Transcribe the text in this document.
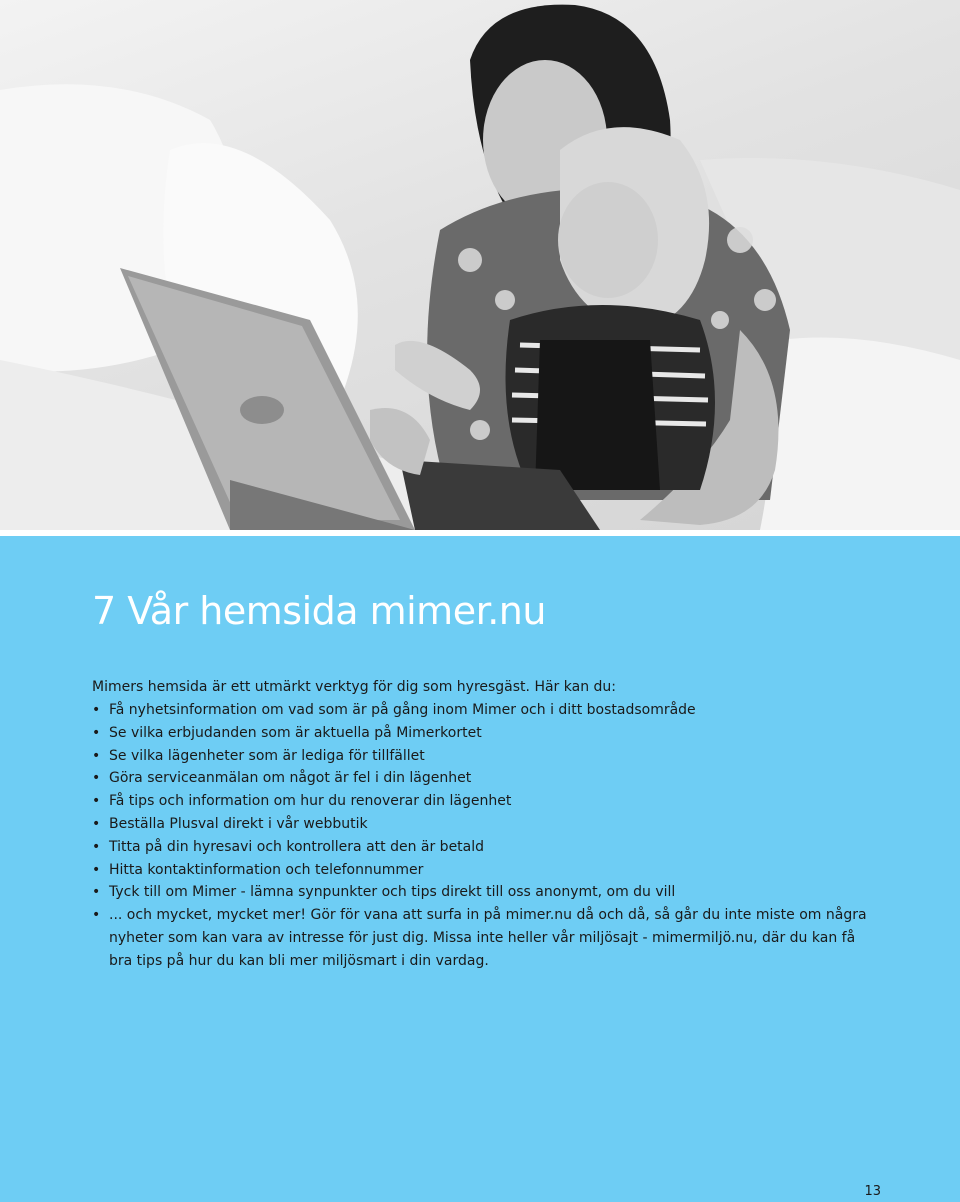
7 Vår hemsida mimer.nu

Mimers hemsida är ett utmärkt verktyg för dig som hyresgäst. Här kan du:

• Få nyhetsinformation om vad som är på gång inom Mimer och i ditt bostadsområde
• Se vilka erbjudanden som är aktuella på Mimerkortet
• Se vilka lägenheter som är lediga för tillfället
• Göra serviceanmälan om något är fel i din lägenhet
• Få tips och information om hur du renoverar din lägenhet
• Beställa Plusval direkt i vår webbutik
• Titta på din hyresavi och kontrollera att den är betald
• Hitta kontaktinformation och telefonnummer
• Tyck till om Mimer - lämna synpunkter och tips direkt till oss anonymt, om du vill
• ... och mycket, mycket mer! Gör för vana att surfa in på mimer.nu då och då, så går du inte miste om några nyheter som kan vara av intresse för just dig. Missa inte heller vår miljösajt - mimermiljö.nu, där du kan få bra tips på hur du kan bli mer miljösmart i din vardag.
13
